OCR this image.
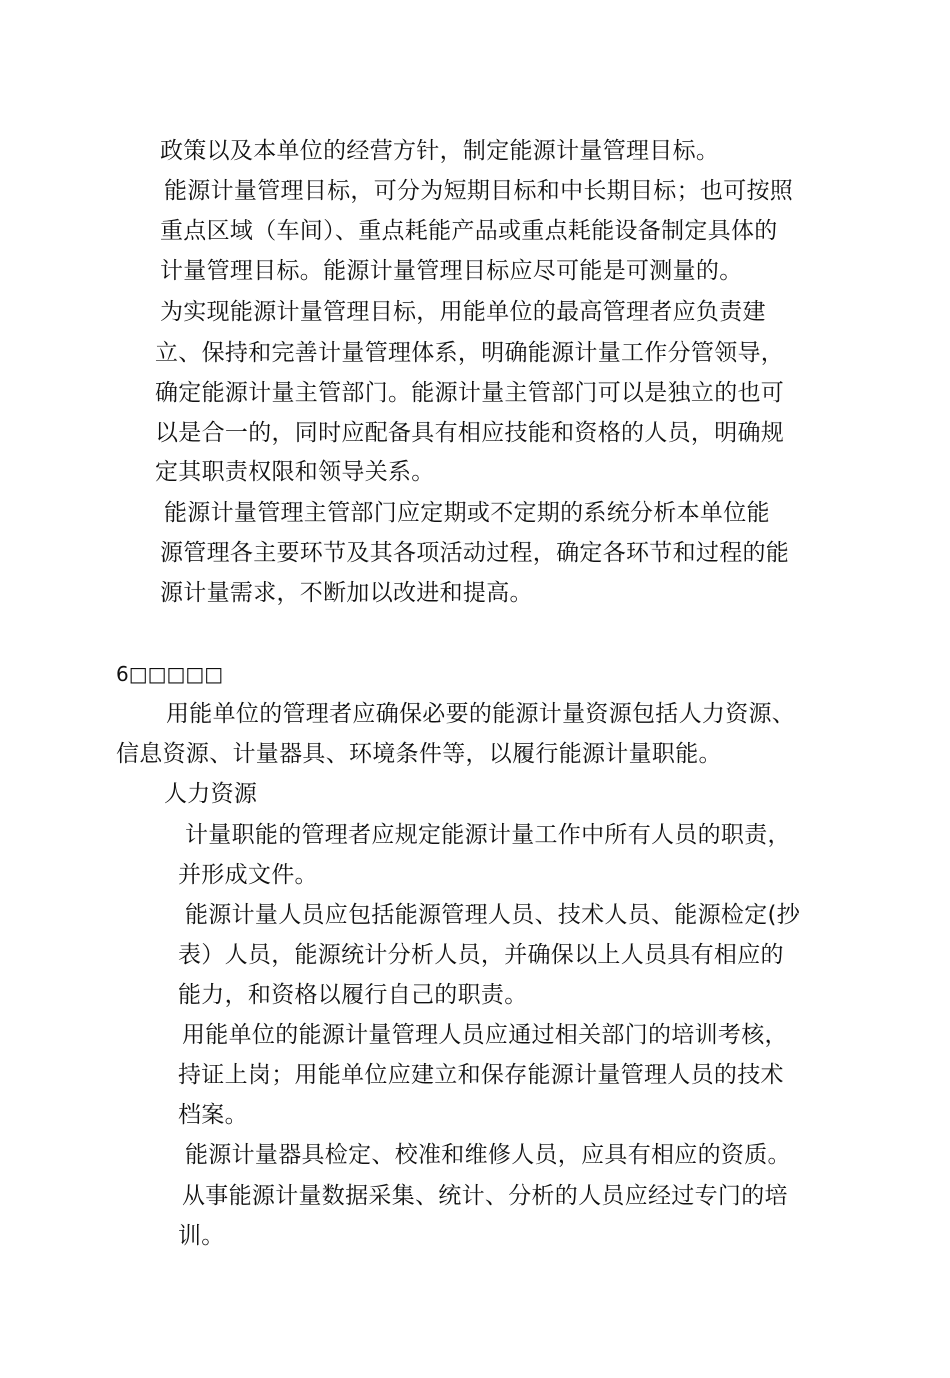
政策以及本单位的经营方针，制定能源计量管理目标。
能源计量管理目标，可分为短期目标和中长期目标；也可按照
重点区域（车间）、重点耗能产品或重点耗能设备制定具体的
计量管理目标。能源计量管理目标应尽可能是可测量的。
为实现能源计量管理目标，用能单位的最高管理者应负责建
立、保持和完善计量管理体系，明确能源计量工作分管领导，
确定能源计量主管部门。能源计量主管部门可以是独立的也可
以是合一的，同时应配备具有相应技能和资格的人员，明确规
定其职责权限和领导关系。
能源计量管理主管部门应定期或不定期的系统分析本单位能
源管理各主要环节及其各项活动过程，确定各环节和过程的能
源计量需求，不断加以改进和提高。
6□□□□□
用能单位的管理者应确保必要的能源计量资源包括人力资源、
信息资源、计量器具、环境条件等，以履行能源计量职能。
人力资源
计量职能的管理者应规定能源计量工作中所有人员的职责，
并形成文件。
能源计量人员应包括能源管理人员、技术人员、能源检定(抄
表）人员，能源统计分析人员，并确保以上人员具有相应的
能力，和资格以履行自己的职责。
用能单位的能源计量管理人员应通过相关部门的培训考核，
持证上岗；用能单位应建立和保存能源计量管理人员的技术
档案。
能源计量器具检定、校准和维修人员，应具有相应的资质。
从事能源计量数据采集、统计、分析的人员应经过专门的培
训。
